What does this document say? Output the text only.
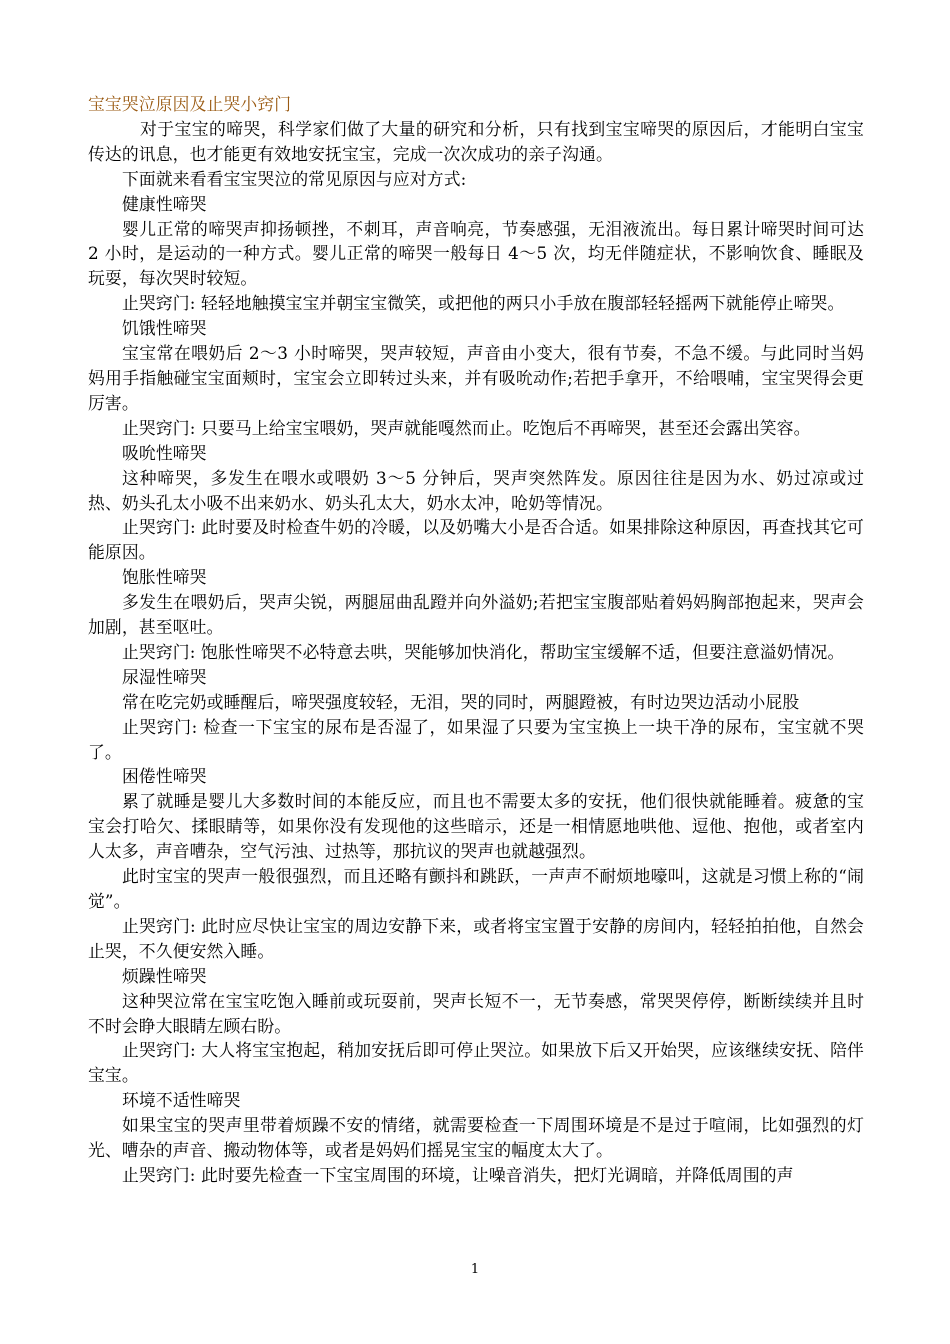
宝宝哭泣原因及止哭小窍门

对于宝宝的啼哭，科学家们做了大量的研究和分析，只有找到宝宝啼哭的原因后，才能明白宝宝传达的讯息，也才能更有效地安抚宝宝，完成一次次成功的亲子沟通。

下面就来看看宝宝哭泣的常见原因与应对方式:

健康性啼哭

婴儿正常的啼哭声抑扬顿挫，不刺耳，声音响亮，节奏感强，无泪液流出。每日累计啼哭时间可达 2 小时，是运动的一种方式。婴儿正常的啼哭一般每日 4～5 次，均无伴随症状，不影响饮食、睡眠及玩耍，每次哭时较短。

止哭窍门: 轻轻地触摸宝宝并朝宝宝微笑，或把他的两只小手放在腹部轻轻摇两下就能停止啼哭。

饥饿性啼哭

宝宝常在喂奶后 2～3 小时啼哭，哭声较短，声音由小变大，很有节奏，不急不缓。与此同时当妈妈用手指触碰宝宝面颊时，宝宝会立即转过头来，并有吸吮动作;若把手拿开，不给喂哺，宝宝哭得会更厉害。

止哭窍门: 只要马上给宝宝喂奶，哭声就能嘎然而止。吃饱后不再啼哭，甚至还会露出笑容。

吸吮性啼哭

这种啼哭，多发生在喂水或喂奶 3～5 分钟后，哭声突然阵发。原因往往是因为水、奶过凉或过热、奶头孔太小吸不出来奶水、奶头孔太大，奶水太冲，呛奶等情况。

止哭窍门: 此时要及时检查牛奶的冷暖，以及奶嘴大小是否合适。如果排除这种原因，再查找其它可能原因。

饱胀性啼哭

多发生在喂奶后，哭声尖锐，两腿屈曲乱蹬并向外溢奶;若把宝宝腹部贴着妈妈胸部抱起来，哭声会加剧，甚至呕吐。

止哭窍门: 饱胀性啼哭不必特意去哄，哭能够加快消化，帮助宝宝缓解不适，但要注意溢奶情况。

尿湿性啼哭

常在吃完奶或睡醒后，啼哭强度较轻，无泪，哭的同时，两腿蹬被，有时边哭边活动小屁股

止哭窍门: 检查一下宝宝的尿布是否湿了，如果湿了只要为宝宝换上一块干净的尿布，宝宝就不哭了。

困倦性啼哭

累了就睡是婴儿大多数时间的本能反应，而且也不需要太多的安抚，他们很快就能睡着。疲惫的宝宝会打哈欠、揉眼睛等，如果你没有发现他的这些暗示，还是一相情愿地哄他、逗他、抱他，或者室内人太多，声音嘈杂，空气污浊、过热等，那抗议的哭声也就越强烈。

此时宝宝的哭声一般很强烈，而且还略有颤抖和跳跃，一声声不耐烦地嚎叫，这就是习惯上称的“闹觉”。

止哭窍门: 此时应尽快让宝宝的周边安静下来，或者将宝宝置于安静的房间内，轻轻拍拍他，自然会止哭，不久便安然入睡。

烦躁性啼哭

这种哭泣常在宝宝吃饱入睡前或玩耍前，哭声长短不一，无节奏感，常哭哭停停，断断续续并且时不时会睁大眼睛左顾右盼。

止哭窍门: 大人将宝宝抱起，稍加安抚后即可停止哭泣。如果放下后又开始哭，应该继续安抚、陪伴宝宝。

环境不适性啼哭

如果宝宝的哭声里带着烦躁不安的情绪，就需要检查一下周围环境是不是过于喧闹，比如强烈的灯光、嘈杂的声音、搬动物体等，或者是妈妈们摇晃宝宝的幅度太大了。

止哭窍门: 此时要先检查一下宝宝周围的环境，让噪音消失，把灯光调暗，并降低周围的声

1
